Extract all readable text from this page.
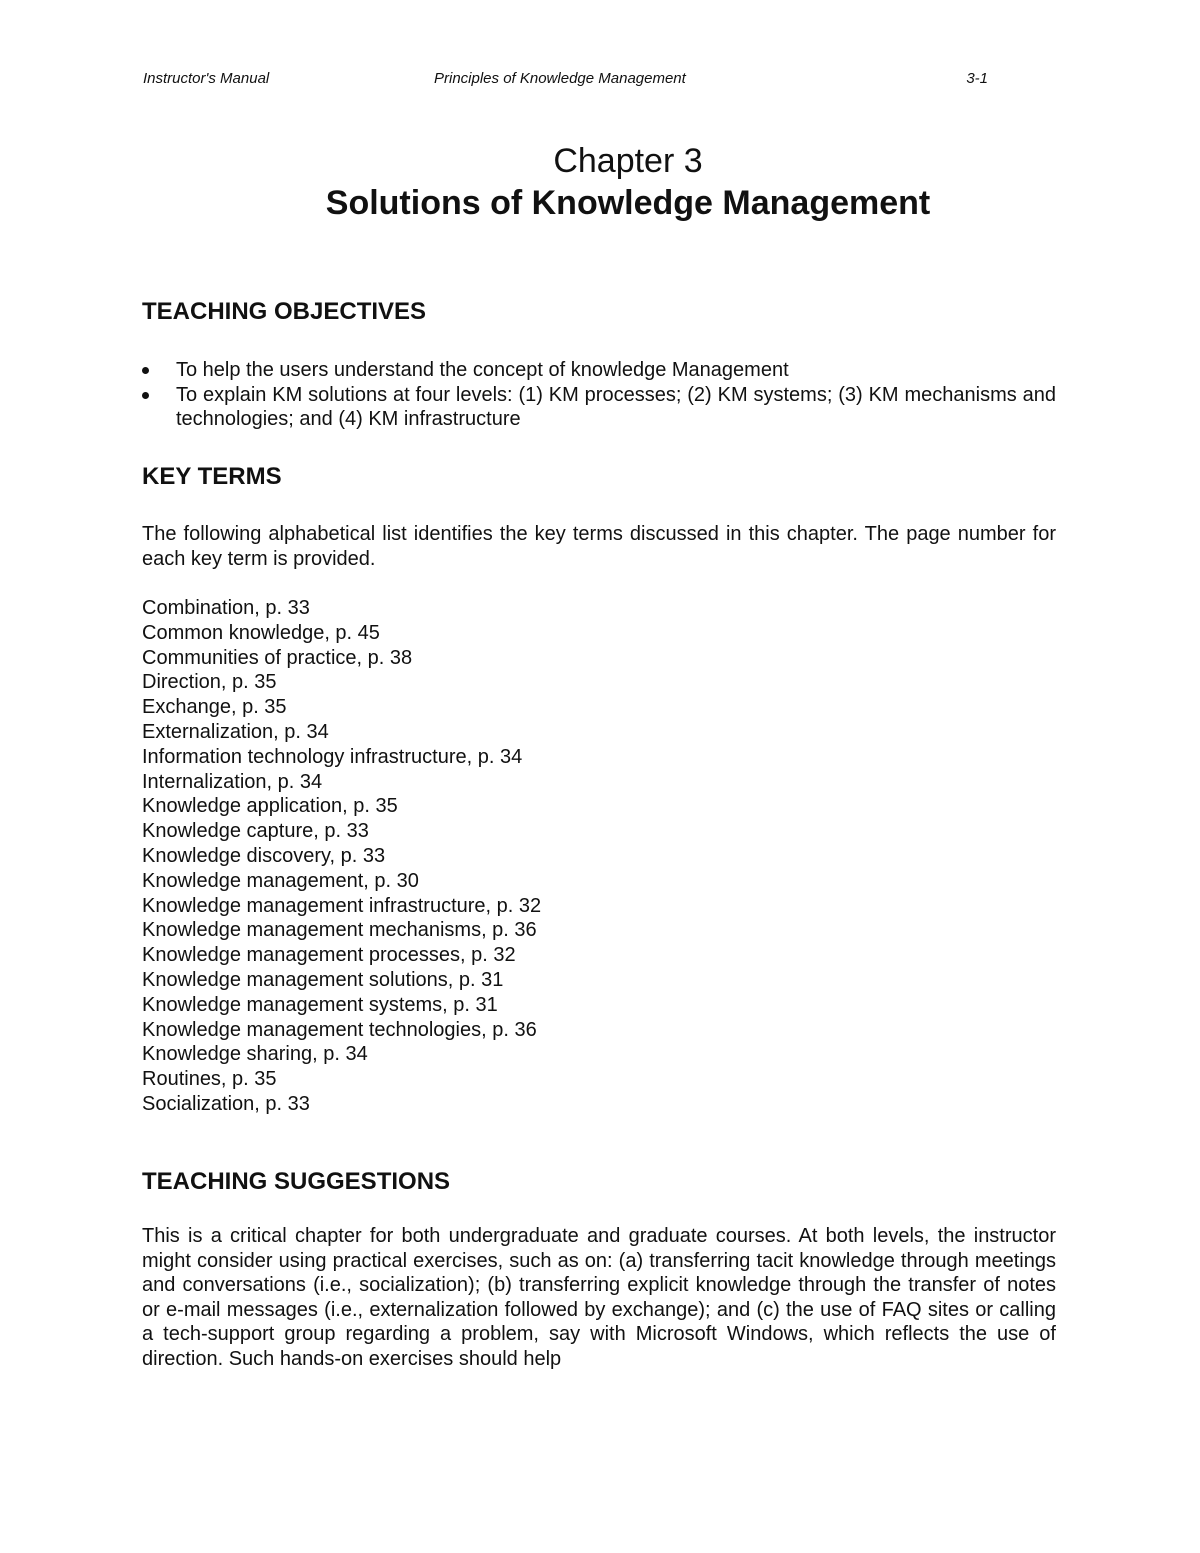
Instructor's Manual	Principles of Knowledge Management	3-1
Chapter 3
Solutions of Knowledge Management
TEACHING OBJECTIVES
To help the users understand the concept of knowledge Management
To explain KM solutions at four levels: (1) KM processes; (2) KM systems; (3) KM mechanisms and technologies; and (4) KM infrastructure
KEY TERMS
The following alphabetical list identifies the key terms discussed in this chapter. The page number for each key term is provided.
Combination, p. 33
Common knowledge, p. 45
Communities of practice, p. 38
Direction, p. 35
Exchange, p. 35
Externalization, p. 34
Information technology infrastructure, p. 34
Internalization, p. 34
Knowledge application, p. 35
Knowledge capture, p. 33
Knowledge discovery, p. 33
Knowledge management, p. 30
Knowledge management infrastructure, p. 32
Knowledge management mechanisms, p. 36
Knowledge management processes, p. 32
Knowledge management solutions, p. 31
Knowledge management systems, p. 31
Knowledge management technologies, p. 36
Knowledge sharing, p. 34
Routines, p. 35
Socialization, p. 33
TEACHING SUGGESTIONS
This is a critical chapter for both undergraduate and graduate courses. At both levels, the instructor might consider using practical exercises, such as on: (a) transferring tacit knowledge through meetings and conversations (i.e., socialization); (b) transferring explicit knowledge through the transfer of notes or e-mail messages (i.e., externalization followed by exchange); and (c) the use of FAQ sites or calling a tech-support group regarding a problem, say with Microsoft Windows, which reflects the use of direction. Such hands-on exercises should help
